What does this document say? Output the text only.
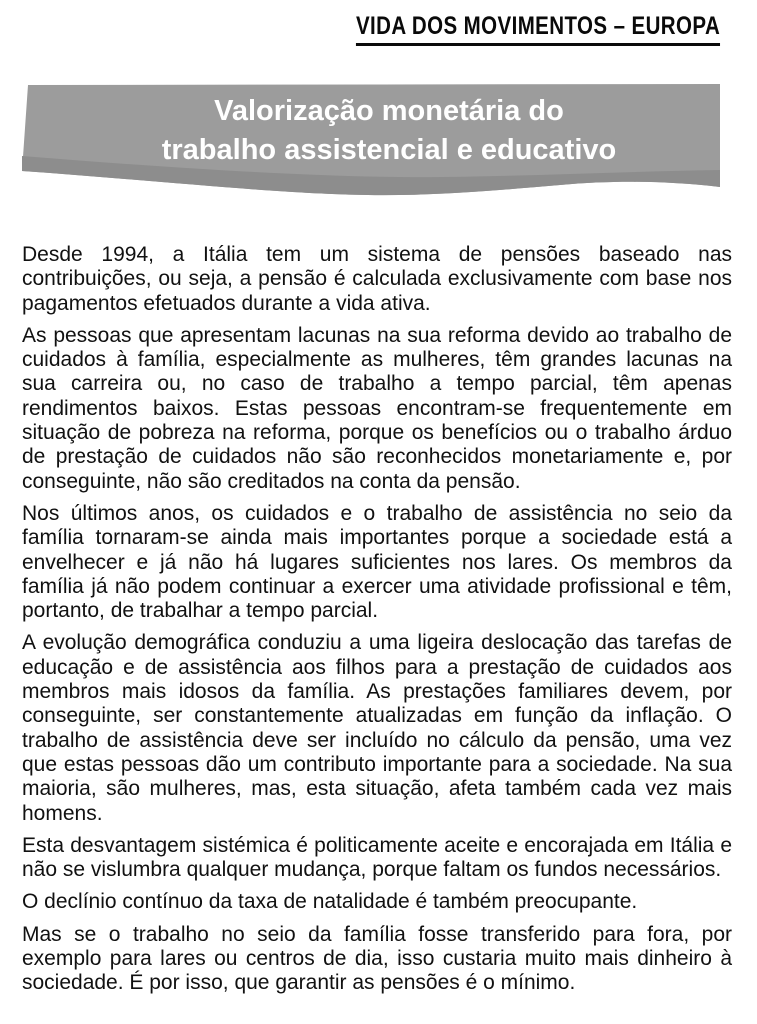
VIDA DOS MOVIMENTOS – EUROPA
Valorização monetária do
trabalho assistencial e educativo

Desde 1994, a Itália tem um sistema de pensões baseado nas contribuições, ou seja, a pensão é calculada exclusivamente com base nos pagamentos efetuados durante a vida ativa.

As pessoas que apresentam lacunas na sua reforma devido ao trabalho de cuidados à família, especialmente as mulheres, têm grandes lacunas na sua carreira ou, no caso de trabalho a tempo parcial, têm apenas rendimentos baixos. Estas pessoas encontram-se frequentemente em situação de pobreza na reforma, porque os benefícios ou o trabalho árduo de prestação de cuidados não são reconhecidos monetariamente e, por conseguinte, não são creditados na conta da pensão.

Nos últimos anos, os cuidados e o trabalho de assistência no seio da família tornaram-se ainda mais importantes porque a sociedade está a envelhecer e já não há lugares suficientes nos lares. Os membros da família já não podem continuar a exercer uma atividade profissional e têm, portanto, de trabalhar a tempo parcial.

A evolução demográfica conduziu a uma ligeira deslocação das tarefas de educação e de assistência aos filhos para a prestação de cuidados aos membros mais idosos da família. As prestações familiares devem, por conseguinte, ser constantemente atualizadas em função da inflação. O trabalho de assistência deve ser incluído no cálculo da pensão, uma vez que estas pessoas dão um contributo importante para a sociedade. Na sua maioria, são mulheres, mas, esta situação, afeta também cada vez mais homens.

Esta desvantagem sistémica é politicamente aceite e encorajada em Itália e não se vislumbra qualquer mudança, porque faltam os fundos necessários.

O declínio contínuo da taxa de natalidade é também preocupante.

Mas se o trabalho no seio da família fosse transferido para fora, por exemplo para lares ou centros de dia, isso custaria muito mais dinheiro à sociedade. É por isso, que garantir as pensões é o mínimo.
